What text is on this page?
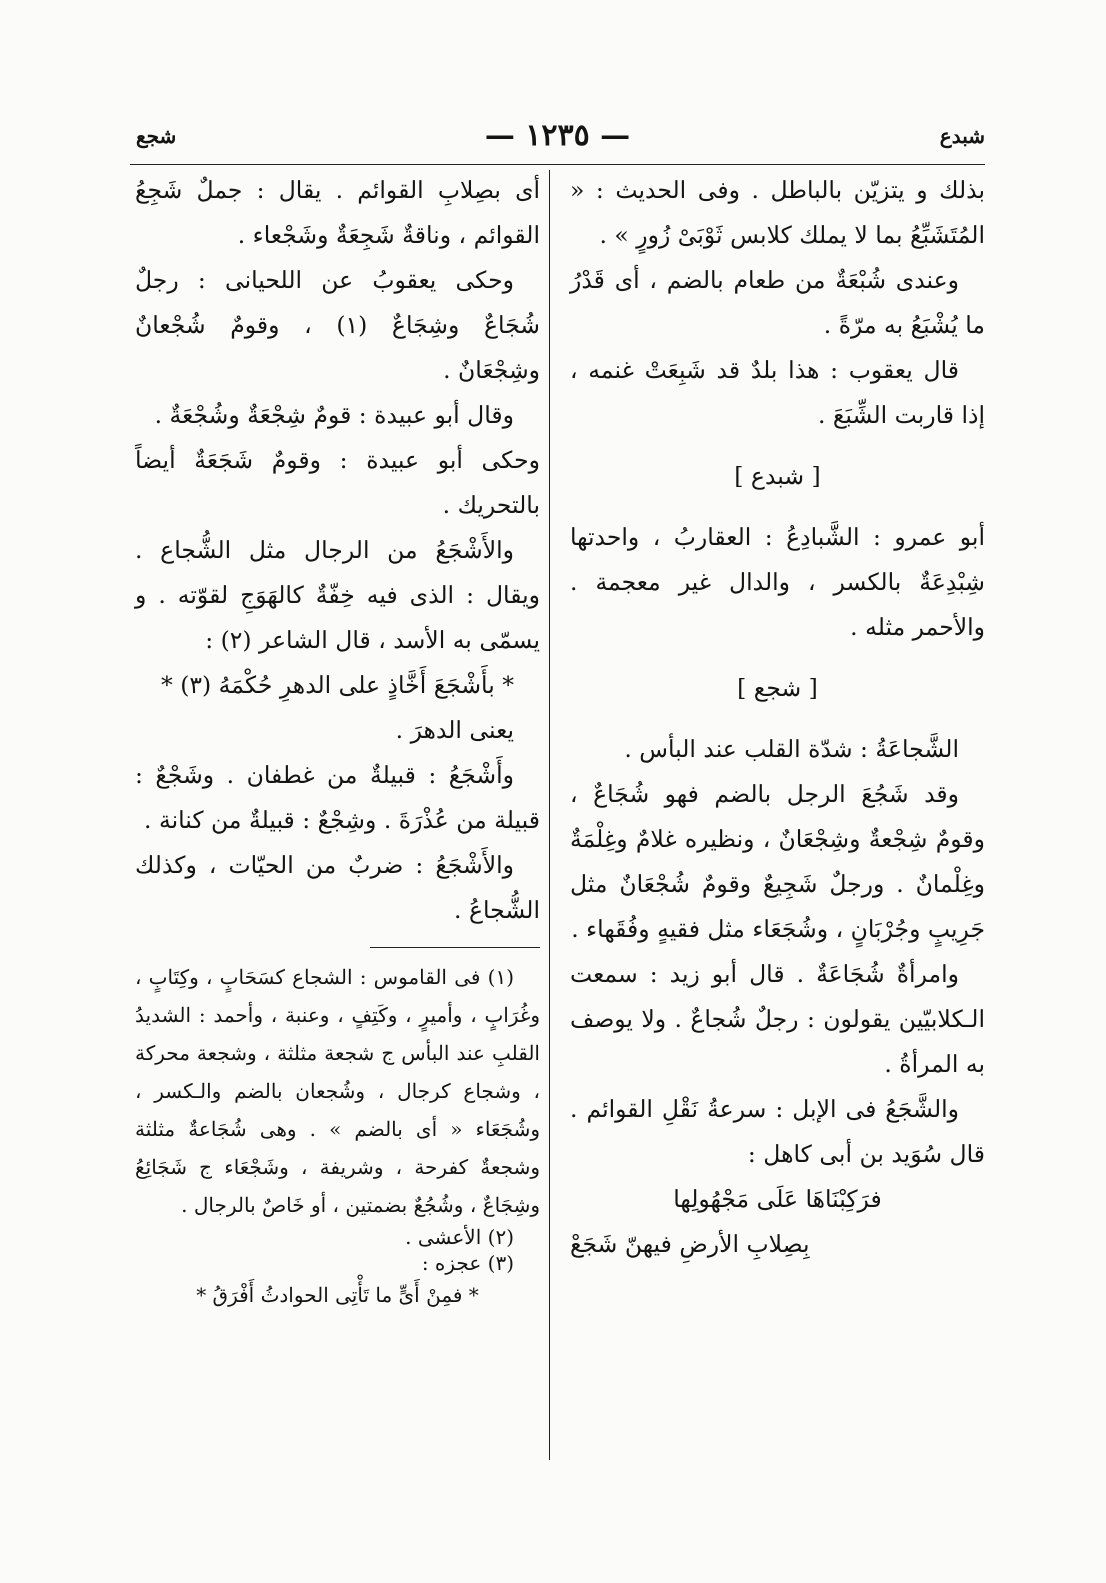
شبدع
— ١٢٣٥ —
شجع

بذلك و يتزيّن بالباطل . وفى الحديث : « المُتَشَبِّعُ بما لا يملك كلابس ثَوْبَىْ زُورٍ » .

وعندى شُبْعَةٌ من طعام بالضم ، أى قَدْرُ ما يُشْبَعُ به مرّةً .

قال يعقوب : هذا بلدٌ قد شَبِعَتْ غنمه ، إذا قاربت الشِّبَعَ .

[ شبدع ]

أبو عمرو : الشَّبادِعُ : العقاربُ ، واحدتها شِبْدِعَةٌ بالكسر ، والدال غير معجمة . والأحمر مثله .

[ شجع ]

الشَّجاعَةُ : شدّة القلب عند البأس .

وقد شَجُعَ الرجل بالضم فهو شُجَاعٌ ، وقومٌ شِجْعةٌ وشِجْعَانٌ ، ونظيره غلامٌ وغِلْمَةٌ وغِلْمانٌ . ورجلٌ شَجِيعٌ وقومٌ شُجْعَانٌ مثل جَرِيبٍ وجُرْبَانٍ ، وشُجَعَاء مثل فقيهٍ وفُقَهاء .

وامرأةٌ شُجَاعَةٌ . قال أبو زيد : سمعت الـكلابيّين يقولون : رجلٌ شُجاعٌ . ولا يوصف به المرأةُ .

والشَّجَعُ فى الإبل : سرعةُ نَقْلِ القوائم . قال سُوَيد بن أبى كاهل :

فرَكِبْنَاهَا عَلَى مَجْهُولِها

بِصِلابِ الأرضِ فيهنّ شَجَعْ

أى بصِلابِ القوائم . يقال : جملٌ شَجِعُ القوائم ، وناقةٌ شَجِعَةٌ وشَجْعاء .

وحكى يعقوبُ عن اللحيانى : رجلٌ شُجَاعٌ وشِجَاعٌ (١) ، وقومٌ شُجْعانٌ وشِجْعَانٌ .

وقال أبو عبيدة : قومٌ شِجْعَةٌ وشُجْعَةٌ .

وحكى أبو عبيدة : وقومٌ شَجَعَةٌ أيضاً بالتحريك .

والأَشْجَعُ من الرجال مثل الشُّجاع . ويقال : الذى فيه خِفّةٌ كالهَوَجِ لقوّته . و يسمّى به الأسد ، قال الشاعر (٢) :

* بأَشْجَعَ أَخَّاذٍ على الدهرِ حُكْمَهُ (٣) *

يعنى الدهرَ .

وأَشْجَعُ : قبيلةٌ من غطفان . وشَجْعٌ : قبيلة من عُذْرَةَ . وشِجْعٌ : قبيلةٌ من كنانة .

والأَشْجَعُ : ضربٌ من الحيّات ، وكذلك الشُّجاعُ .

(١) فى القاموس : الشجاع كسَحَابٍ ، وكِتَابٍ ، وغُرَابٍ ، وأميرٍ ، وكَتِفٍ ، وعنبة ، وأحمد : الشديدُ القلبِ عند البأس ج شجعة مثلثة ، وشجعة محركة ، وشجاع كرجال ، وشُجعان بالضم والـكسر ، وشُجَعَاء « أى بالضم » . وهى شُجَاعةٌ مثلثة وشجعةٌ كفرحة ، وشريفة ، وشَجْعَاء ج شَجَائِعُ وشِجَاعٌ ، وشُجُعٌ بضمتين ، أو خَاصٌ بالرجال .

(٢) الأعشى .

(٣) عجزه :

* فمِنْ أَىٍّ ما تَأْتِى الحوادثُ أَفْرَقُ *
